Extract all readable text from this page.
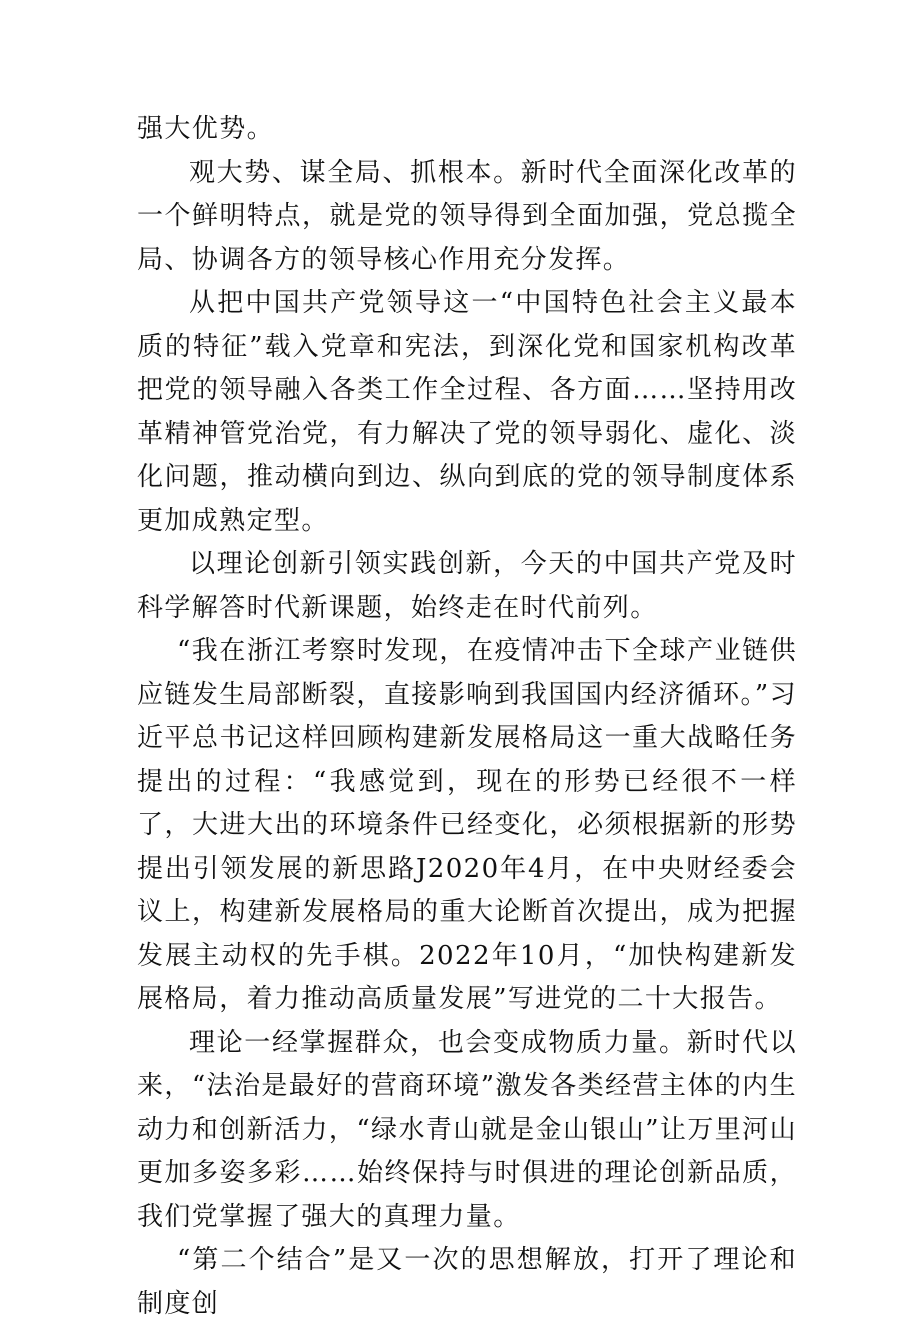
强大优势。

观大势、谋全局、抓根本。新时代全面深化改革的一个鲜明特点，就是党的领导得到全面加强，党总揽全局、协调各方的领导核心作用充分发挥。

从把中国共产党领导这一“中国特色社会主义最本质的特征”载入党章和宪法，到深化党和国家机构改革把党的领导融入各类工作全过程、各方面……坚持用改革精神管党治党，有力解决了党的领导弱化、虚化、淡化问题，推动横向到边、纵向到底的党的领导制度体系更加成熟定型。

以理论创新引领实践创新，今天的中国共产党及时科学解答时代新课题，始终走在时代前列。

“我在浙江考察时发现，在疫情冲击下全球产业链供应链发生局部断裂，直接影响到我国国内经济循环。”习近平总书记这样回顾构建新发展格局这一重大战略任务提出的过程：“我感觉到，现在的形势已经很不一样了，大进大出的环境条件已经变化，必须根据新的形势提出引领发展的新思路J2020年4月，在中央财经委会议上，构建新发展格局的重大论断首次提出，成为把握发展主动权的先手棋。2022年10月，“加快构建新发展格局，着力推动高质量发展”写进党的二十大报告。

理论一经掌握群众，也会变成物质力量。新时代以来，“法治是最好的营商环境”激发各类经营主体的内生动力和创新活力，“绿水青山就是金山银山”让万里河山更加多姿多彩……始终保持与时俱进的理论创新品质，我们党掌握了强大的真理力量。

“第二个结合”是又一次的思想解放，打开了理论和制度创
